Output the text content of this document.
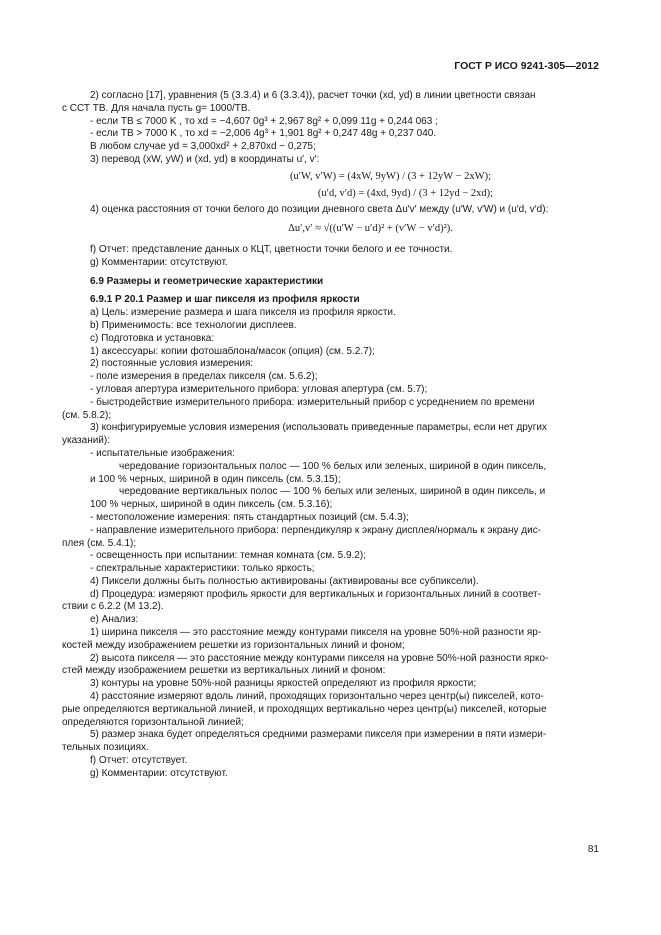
ГОСТ Р ИСО 9241-305—2012

2) согласно [17], уравнения (5 (3.3.4) и 6 (3.3.4)), расчет точки (xd, yd) в линии цветности связан

с ССТ TB. Для начала пусть g= 1000/TB.

- если TB ≤ 7000 K , то xd = −4,607 0g³ + 2,967 8g² + 0,099 11g + 0,244 063 ;

- если TB > 7000 K , то xd = −2,006 4g³ + 1,901 8g² + 0,247 48g + 0,237 040.

В любом случае yd = 3,000xd² + 2,870xd − 0,275;

3) перевод (xW, yW) и (xd, yd) в координаты u′, v′:

(u′W, v′W) = (4xW, 9yW) / (3 + 12yW − 2xW);

(u′d, v′d) = (4xd, 9yd) / (3 + 12yd − 2xd);

4) оценка расстояния от точки белого до позиции дневного света Δu′v′ между (u′W, v′W) и (u′d, v′d):

Δu′,v′ ≈ √((u′W − u′d)² + (v′W − v′d)²).

f) Отчет: представление данных о КЦТ, цветности точки белого и ее точности.

g) Комментарии: отсутствуют.

6.9 Размеры и геометрические характеристики

6.9.1 P 20.1 Размер и шаг пикселя из профиля яркости

a) Цель: измерение размера и шага пикселя из профиля яркости.

b) Применимость: все технологии дисплеев.

c) Подготовка и установка:

1) аксессуары: копии фотошаблона/масок (опция) (см. 5.2.7);

2) постоянные условия измерения:

- поле измерения в пределах пикселя (см. 5.6.2);

- угловая апертура измерительного прибора: угловая апертура (см. 5.7);

- быстродействие измерительного прибора: измерительный прибор с усреднением по времени

(см. 5.8.2);

3) конфигурируемые условия измерения (использовать приведенные параметры, если нет других

указаний):

- испытательные изображения:

чередование горизонтальных полос — 100 % белых или зеленых, шириной в один пиксель,

и 100 % черных, шириной в один пиксель (см. 5.3.15);

чередование вертикальных полос — 100 % белых или зеленых, шириной в один пиксель, и

100 % черных, шириной в один пиксель (см. 5.3.16);

- местоположение измерения: пять стандартных позиций (см. 5.4.3);

- направление измерительного прибора: перпендикуляр к экрану дисплея/нормаль к экрану дис-

плея (см. 5.4.1);

- освещенность при испытании: темная комната (см. 5.9.2);

- спектральные характеристики: только яркость;

4) Пиксели должны быть полностью активированы (активированы все субпиксели).

d) Процедура: измеряют профиль яркости для вертикальных и горизонтальных линий в соответ-

ствии с 6.2.2 (М 13.2).

e) Анализ:

1) ширина пикселя — это расстояние между контурами пикселя на уровне 50%-ной разности яр-

костей между изображением решетки из горизонтальных линий и фоном;

2) высота пикселя — это расстояние между контурами пикселя на уровне 50%-ной разности ярко-

стей между изображением решетки из вертикальных линий и фоном:

3) контуры на уровне 50%-ной разницы яркостей определяют из профиля яркости;

4) расстояние измеряют вдоль линий, проходящих горизонтально через центр(ы) пикселей, кото-

рые определяются вертикальной линией, и проходящих вертикально через центр(ы) пикселей, которые

определяются горизонтальной линией;

5) размер знака будет определяться средними размерами пикселя при измерении в пяти измери-

тельных позициях.

f) Отчет: отсутствует.

g) Комментарии: отсутствуют.

81
